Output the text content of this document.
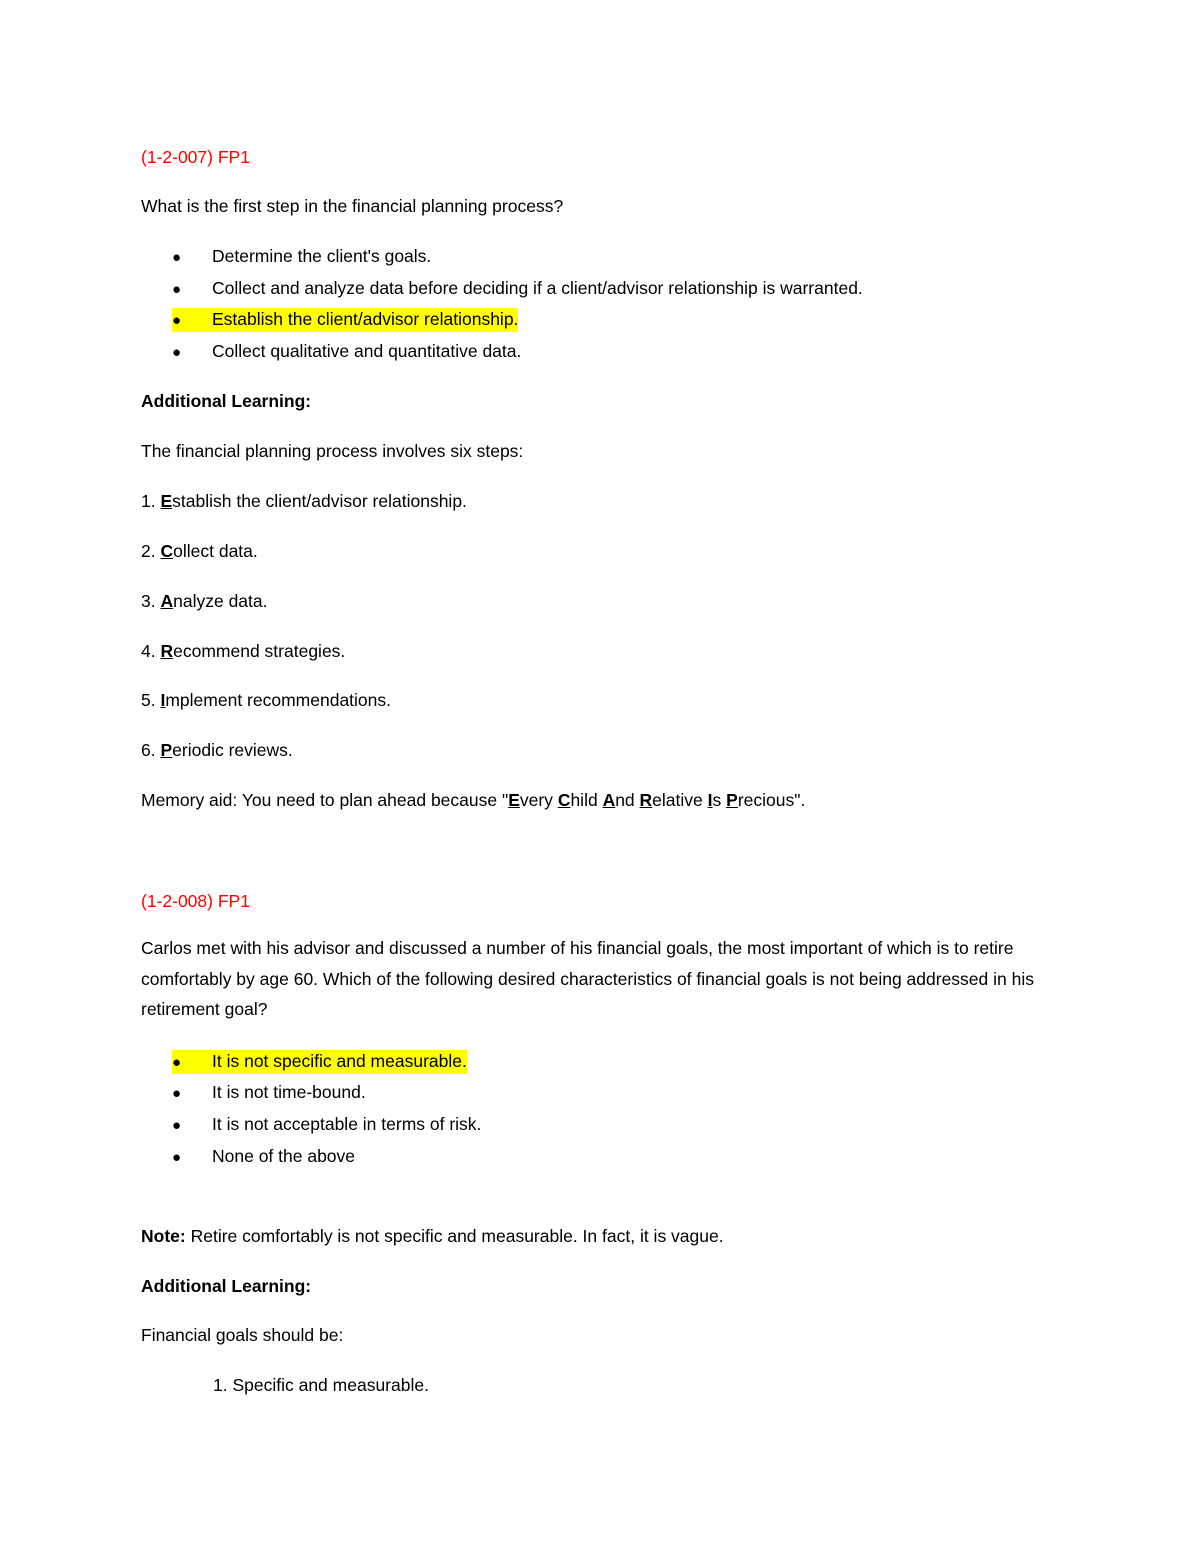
(1-2-007) FP1
What is the first step in the financial planning process?
● Determine the client's goals.
● Collect and analyze data before deciding if a client/advisor relationship is warranted.
● Establish the client/advisor relationship.
● Collect qualitative and quantitative data.
Additional Learning:
The financial planning process involves six steps:
1. Establish the client/advisor relationship.
2. Collect data.
3. Analyze data.
4. Recommend strategies.
5. Implement recommendations.
6. Periodic reviews.
Memory aid: You need to plan ahead because "Every Child And Relative Is Precious".
(1-2-008) FP1
Carlos met with his advisor and discussed a number of his financial goals, the most important of which is to retire comfortably by age 60. Which of the following desired characteristics of financial goals is not being addressed in his retirement goal?
● It is not specific and measurable.
● It is not time-bound.
● It is not acceptable in terms of risk.
● None of the above
Note: Retire comfortably is not specific and measurable. In fact, it is vague.
Additional Learning:
Financial goals should be:
1. Specific and measurable.
